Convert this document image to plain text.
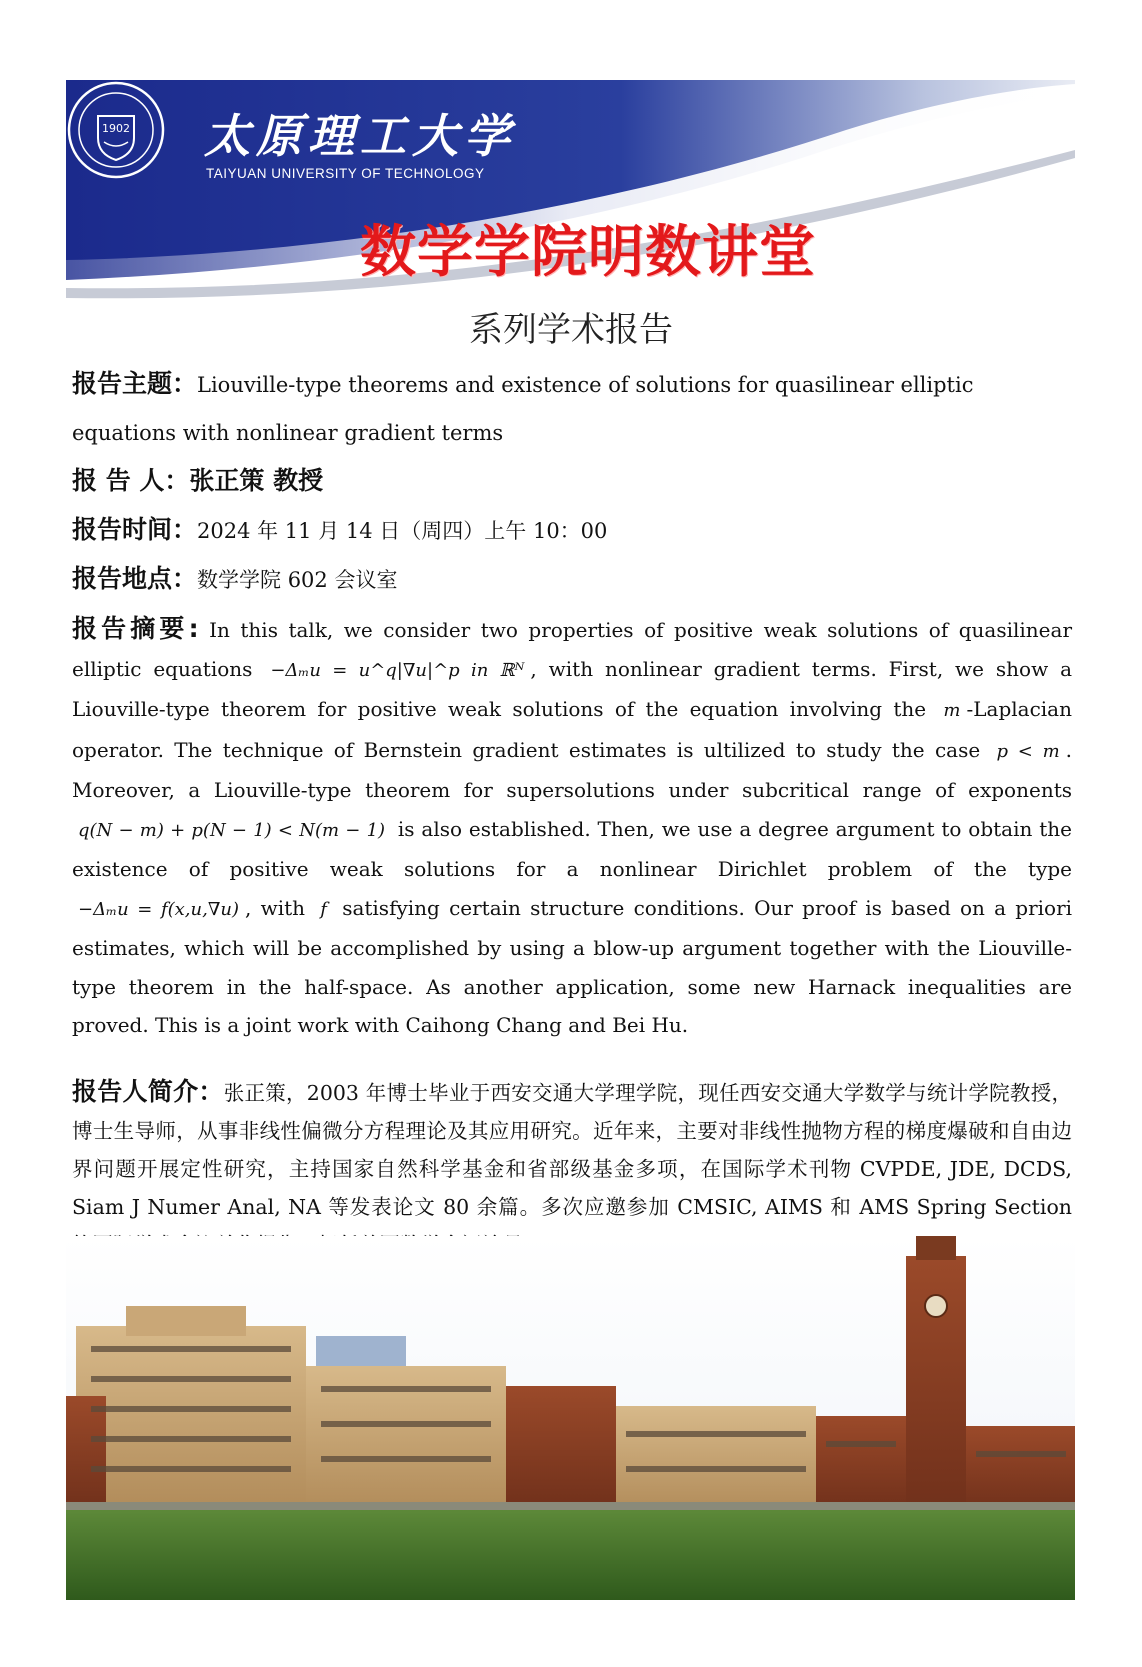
1902 太原理工大学
TAIYUAN UNIVERSITY OF TECHNOLOGY
数学学院明数讲堂
系列学术报告
报告主题：Liouville-type theorems and existence of solutions for quasilinear elliptic equations with nonlinear gradient terms
报 告 人：张正策 教授
报告时间：2024 年 11 月 14 日（周四）上午 10：00
报告地点：数学学院 602 会议室
报告摘要: In this talk, we consider two properties of positive weak solutions of quasilinear elliptic equations −Δₘu = u^q|∇u|^p in ℝᴺ , with nonlinear gradient terms. First, we show a Liouville-type theorem for positive weak solutions of the equation involving the m -Laplacian operator. The technique of Bernstein gradient estimates is ultilized to study the case p < m . Moreover, a Liouville-type theorem for supersolutions under subcritical range of exponents q(N − m) + p(N − 1) < N(m − 1) is also established. Then, we use a degree argument to obtain the existence of positive weak solutions for a nonlinear Dirichlet problem of the type −Δₘu = f(x,u,∇u) , with f satisfying certain structure conditions. Our proof is based on a priori estimates, which will be accomplished by using a blow-up argument together with the Liouville-type theorem in the half-space. As another application, some new Harnack inequalities are proved. This is a joint work with Caihong Chang and Bei Hu.
报告人简介：张正策，2003 年博士毕业于西安交通大学理学院，现任西安交通大学数学与统计学院教授，博士生导师，从事非线性偏微分方程理论及其应用研究。近年来，主要对非线性抛物方程的梯度爆破和自由边界问题开展定性研究，主持国家自然科学基金和省部级基金多项，在国际学术刊物 CVPDE, JDE, DCDS, Siam J Numer Anal, NA 等发表论文 80 余篇。多次应邀参加 CMSIC, AIMS 和 AMS Spring Section
